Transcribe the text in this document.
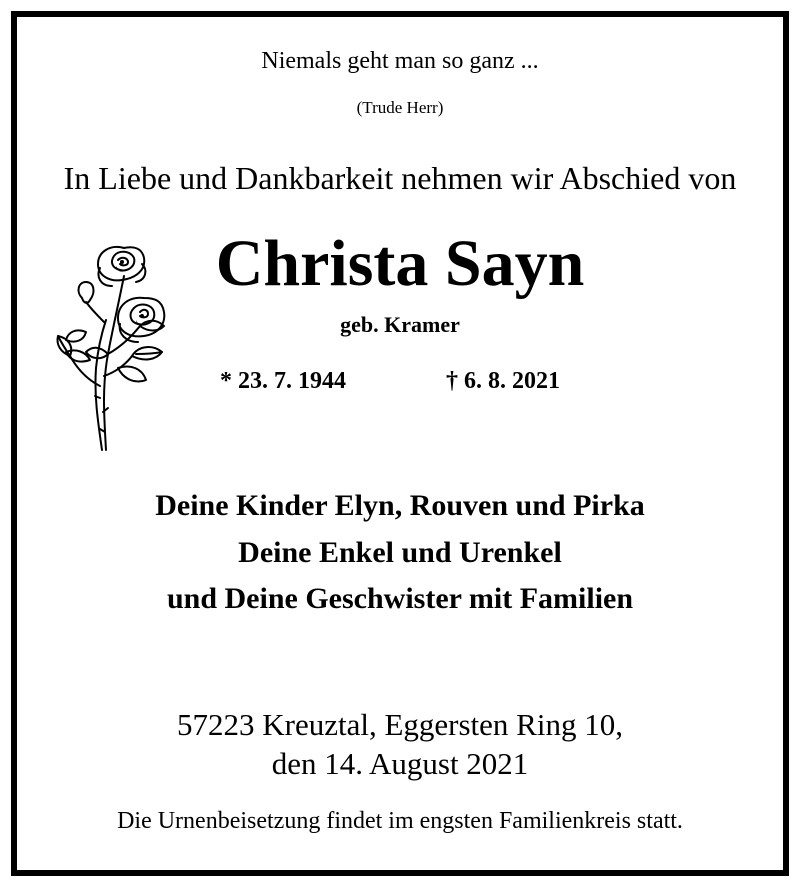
Niemals geht man so ganz ...
(Trude Herr)
In Liebe und Dankbarkeit nehmen wir Abschied von
Christa Sayn
geb. Kramer
* 23. 7. 1944	† 6. 8. 2021
Deine Kinder Elyn, Rouven und Pirka
Deine Enkel und Urenkel
und Deine Geschwister mit Familien
57223 Kreuztal, Eggersten Ring 10,
den 14. August 2021
Die Urnenbeisetzung findet im engsten Familienkreis statt.
